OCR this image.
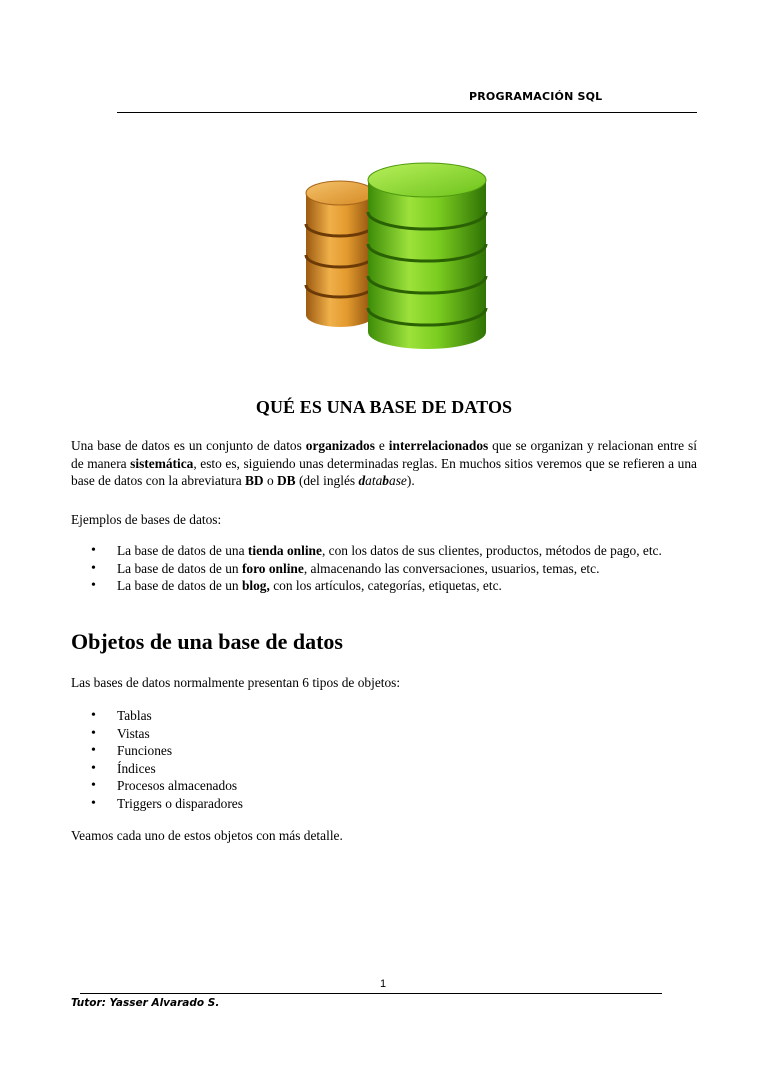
PROGRAMACIÓN SQL
QUÉ ES UNA BASE DE DATOS

Una base de datos es un conjunto de datos organizados e interrelacionados que se organizan y relacionan entre sí de manera sistemática, esto es, siguiendo unas determinadas reglas. En muchos sitios veremos que se refieren a una base de datos con la abreviatura BD o DB (del inglés database).

Ejemplos de bases de datos:

• La base de datos de una tienda online, con los datos de sus clientes, productos, métodos de pago, etc.
• La base de datos de un foro online, almacenando las conversaciones, usuarios, temas, etc.
• La base de datos de un blog, con los artículos, categorías, etiquetas, etc.
Objetos de una base de datos

Las bases de datos normalmente presentan 6 tipos de objetos:

• Tablas
• Vistas
• Funciones
• Índices
• Procesos almacenados
• Triggers o disparadores

Veamos cada uno de estos objetos con más detalle.

1
Tutor: Yasser Alvarado S.
